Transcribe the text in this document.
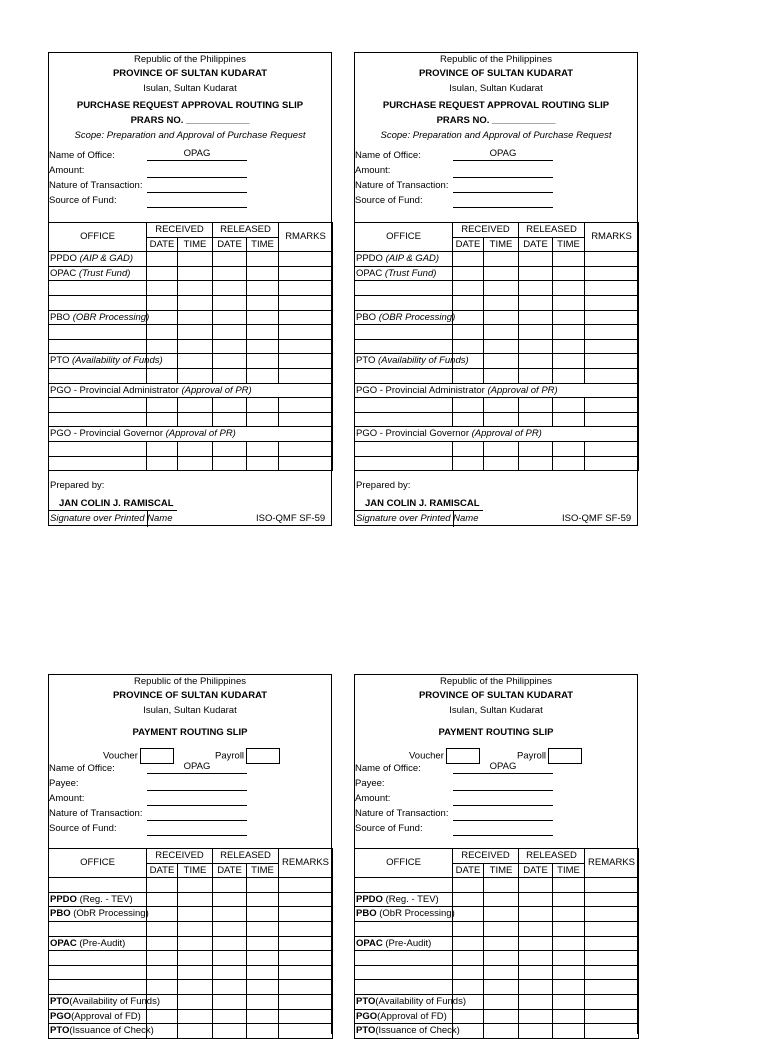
Republic of the Philippines
PROVINCE OF SULTAN KUDARAT
Isulan, Sultan Kudarat
PURCHASE REQUEST APPROVAL ROUTING SLIP
PRARS NO. ____________
Scope: Preparation and Approval of Purchase Request
Name of Office:	OPAG
Amount:
Nature of Transaction:
Source of Fund:
OFFICE	RECEIVED		RELEASED		RMARKS
	DATE	TIME	DATE	TIME	
PPDO (AIP & GAD)					
OPAC (Trust Fund)					

PBO (OBR Processing)					

PTO (Availability of Funds)					

PGO - Provincial Administrator (Approval of PR)					

PGO - Provincial Governor (Approval of PR)					

Prepared by:
JAN COLIN J. RAMISCAL
Signature over Printed Name	ISO-QMF SF-59
Republic of the Philippines
PROVINCE OF SULTAN KUDARAT
Isulan, Sultan Kudarat
PURCHASE REQUEST APPROVAL ROUTING SLIP
PRARS NO. ____________
Scope: Preparation and Approval of Purchase Request
Name of Office:	OPAG
Amount:
Nature of Transaction:
Source of Fund:
OFFICE	RECEIVED		RELEASED		RMARKS
	DATE	TIME	DATE	TIME	
PPDO (AIP & GAD)					
OPAC (Trust Fund)					

PBO (OBR Processing)					

PTO (Availability of Funds)					

PGO - Provincial Administrator (Approval of PR)					

PGO - Provincial Governor (Approval of PR)					

Prepared by:
JAN COLIN J. RAMISCAL
Signature over Printed Name	ISO-QMF SF-59
Republic of the Philippines
PROVINCE OF SULTAN KUDARAT
Isulan, Sultan Kudarat
PAYMENT ROUTING SLIP
Voucher	Payroll
Name of Office:	OPAG
Payee:
Amount:
Nature of Transaction:
Source of Fund:
OFFICE	RECEIVED		RELEASED		REMARKS
	DATE	TIME	DATE	TIME	

PPDO (Reg. - TEV)					
PBO (ObR Processing)					

OPAC (Pre-Audit)					

PTO(Availability of Funds)					
PGO(Approval of FD)					
PTO(Issuance of Check)					
Republic of the Philippines
PROVINCE OF SULTAN KUDARAT
Isulan, Sultan Kudarat
PAYMENT ROUTING SLIP
Voucher	Payroll
Name of Office:	OPAG
Payee:
Amount:
Nature of Transaction:
Source of Fund:
OFFICE	RECEIVED		RELEASED		REMARKS
	DATE	TIME	DATE	TIME	

PPDO (Reg. - TEV)					
PBO (ObR Processing)					

OPAC (Pre-Audit)					

PTO(Availability of Funds)					
PGO(Approval of FD)					
PTO(Issuance of Check)					
